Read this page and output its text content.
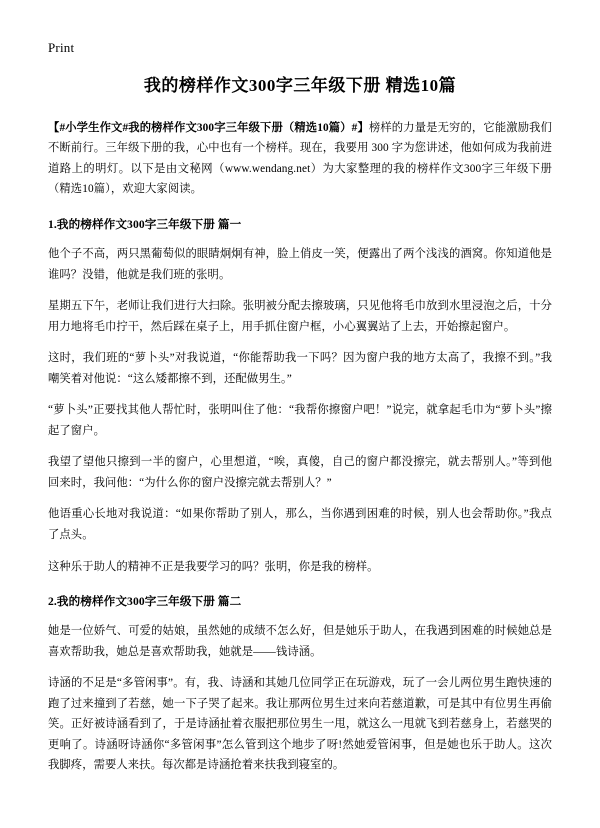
Print
我的榜样作文300字三年级下册 精选10篇

【#小学生作文#我的榜样作文300字三年级下册（精选10篇）#】榜样的力量是无穷的，它能激励我们不断前行。三年级下册的我，心中也有一个榜样。现在，我要用 300 字为您讲述，他如何成为我前进道路上的明灯。以下是由文秘网（www.wendang.net）为大家整理的我的榜样作文300字三年级下册（精选10篇），欢迎大家阅读。

1.我的榜样作文300字三年级下册 篇一

他个子不高，两只黑葡萄似的眼睛炯炯有神，脸上俏皮一笑，便露出了两个浅浅的酒窝。你知道他是谁吗？没错，他就是我们班的张明。

星期五下午，老师让我们进行大扫除。张明被分配去擦玻璃，只见他将毛巾放到水里浸泡之后，十分用力地将毛巾拧干，然后踩在桌子上，用手抓住窗户框，小心翼翼站了上去，开始擦起窗户。

这时，我们班的“萝卜头”对我说道，“你能帮助我一下吗？因为窗户我的地方太高了，我擦不到。”我嘲笑着对他说：“这么矮都擦不到，还配做男生。”

“萝卜头”正要找其他人帮忙时，张明叫住了他：“我帮你擦窗户吧！”说完，就拿起毛巾为“萝卜头”擦起了窗户。

我望了望他只擦到一半的窗户，心里想道，“唉，真傻，自己的窗户都没擦完，就去帮别人。”等到他回来时，我问他：“为什么你的窗户没擦完就去帮别人？”

他语重心长地对我说道：“如果你帮助了别人，那么，当你遇到困难的时候，别人也会帮助你。”我点了点头。

这种乐于助人的精神不正是我要学习的吗？张明，你是我的榜样。

2.我的榜样作文300字三年级下册 篇二

她是一位娇气、可爱的姑娘，虽然她的成绩不怎么好，但是她乐于助人，在我遇到困难的时候她总是喜欢帮助我，她总是喜欢帮助我，她就是——钱诗涵。

诗涵的不足是“多管闲事”。有，我、诗涵和其她几位同学正在玩游戏，玩了一会儿两位男生跑快速的跑了过来撞到了若慈，她一下子哭了起来。我让那两位男生过来向若慈道歉，可是其中有位男生再偷笑。正好被诗涵看到了，于是诗涵扯着衣服把那位男生一甩，就这么一甩就飞到若慈身上，若慈哭的更响了。诗涵呀诗涵你“多管闲事”怎么管到这个地步了呀!然她爱管闲事，但是她也乐于助人。这次我脚疼，需要人来扶。每次都是诗涵抢着来扶我到寝室的。
